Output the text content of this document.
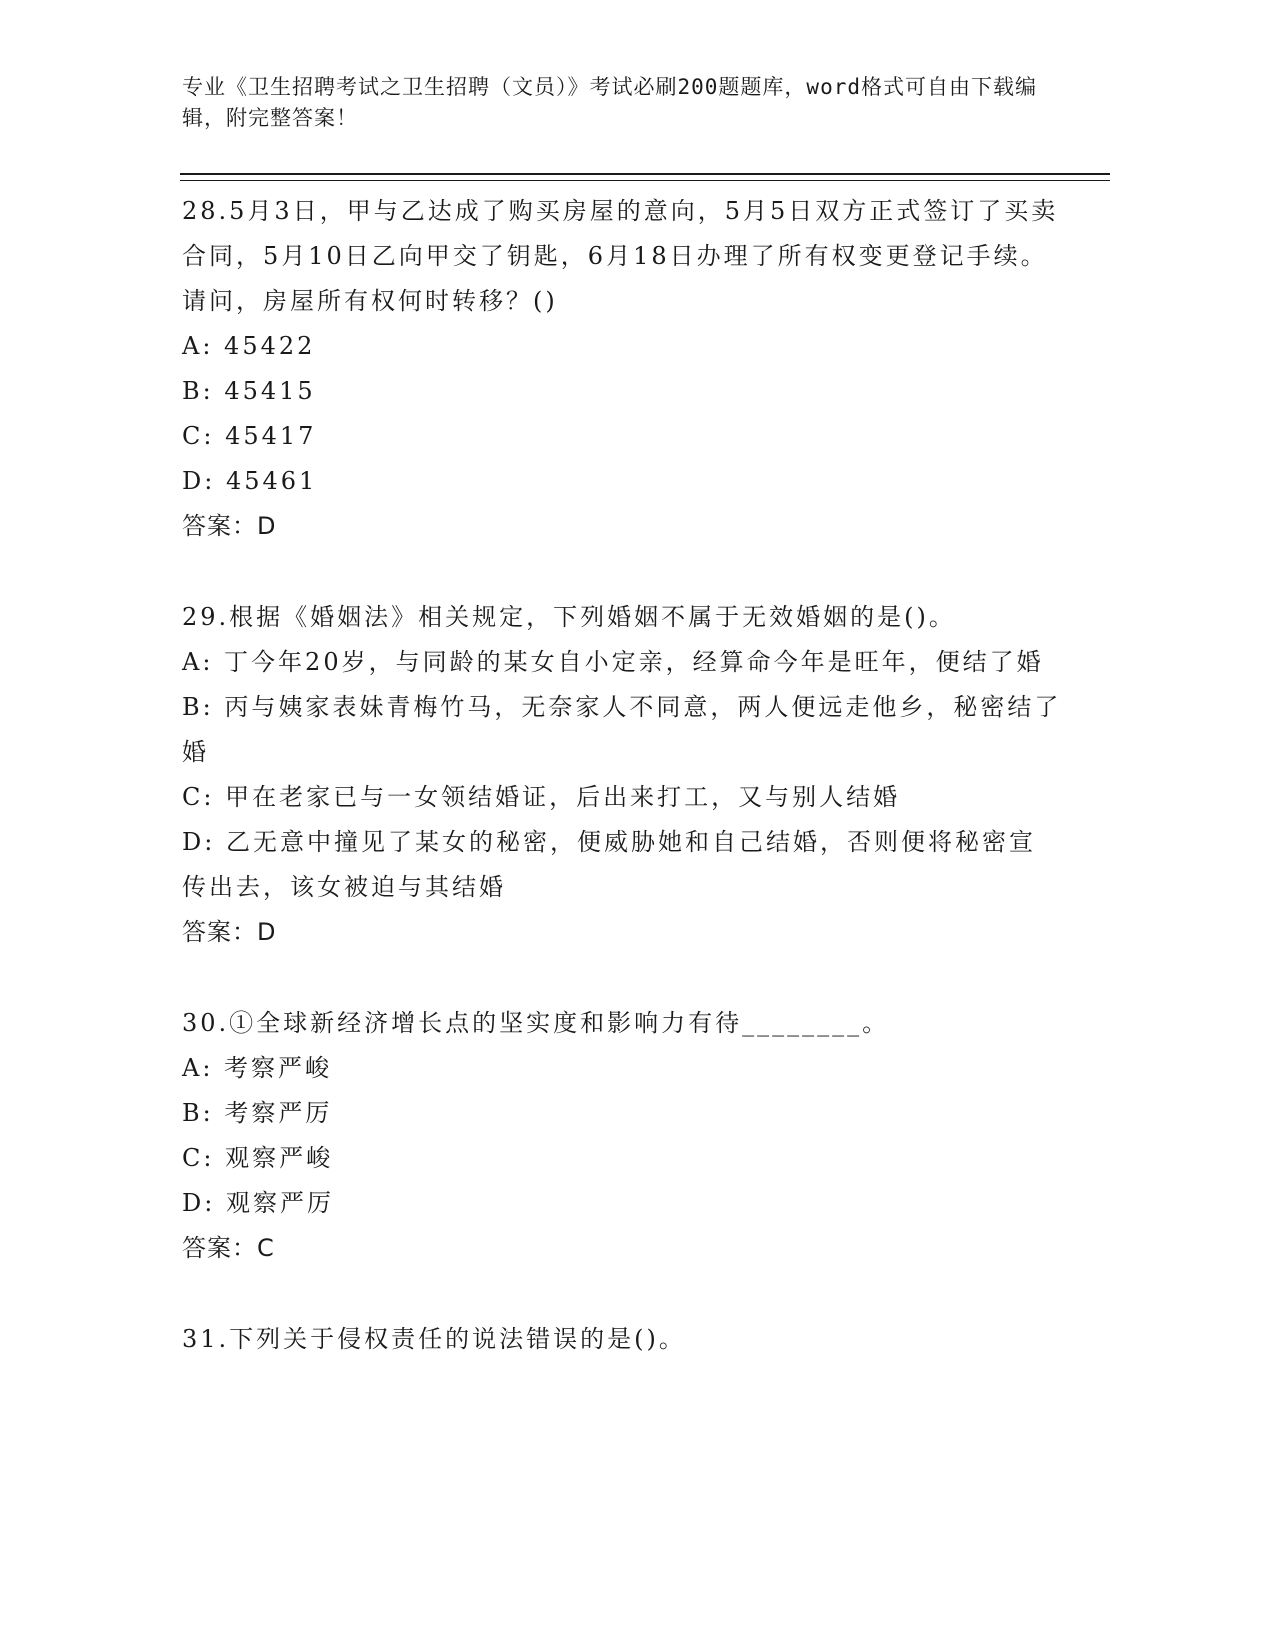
专业《卫生招聘考试之卫生招聘（文员）》考试必刷200题题库，word格式可自由下载编辑，附完整答案！

28.5月3日，甲与乙达成了购买房屋的意向，5月5日双方正式签订了买卖合同，5月10日乙向甲交了钥匙，6月18日办理了所有权变更登记手续。请问，房屋所有权何时转移？()

A: 45422

B: 45415

C: 45417

D: 45461

答案：D

29.根据《婚姻法》相关规定，下列婚姻不属于无效婚姻的是()。

A: 丁今年20岁，与同龄的某女自小定亲，经算命今年是旺年，便结了婚

B: 丙与姨家表妹青梅竹马，无奈家人不同意，两人便远走他乡，秘密结了婚

C: 甲在老家已与一女领结婚证，后出来打工，又与别人结婚

D: 乙无意中撞见了某女的秘密，便威胁她和自己结婚，否则便将秘密宣传出去，该女被迫与其结婚

答案：D

30.①全球新经济增长点的坚实度和影响力有待________。

A: 考察严峻

B: 考察严厉

C: 观察严峻

D: 观察严厉

答案：C

31.下列关于侵权责任的说法错误的是()。
